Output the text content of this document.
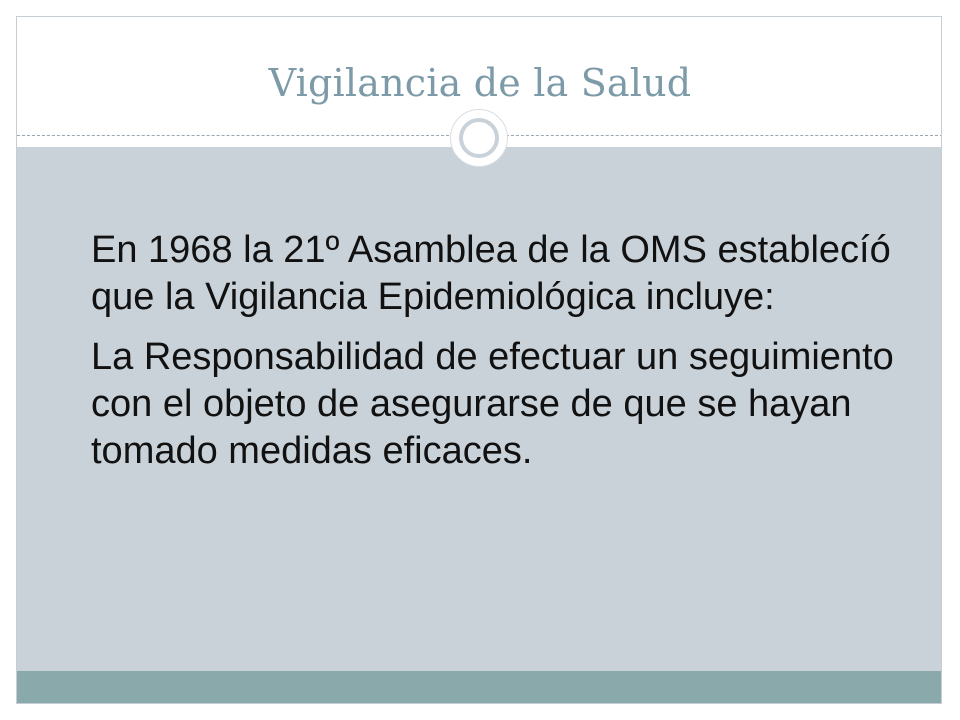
Vigilancia de la Salud

En 1968 la 21º Asamblea de la OMS establecíó que la Vigilancia Epidemiológica incluye:

La Responsabilidad de efectuar un seguimiento con el objeto de asegurarse de que se hayan tomado medidas eficaces.
